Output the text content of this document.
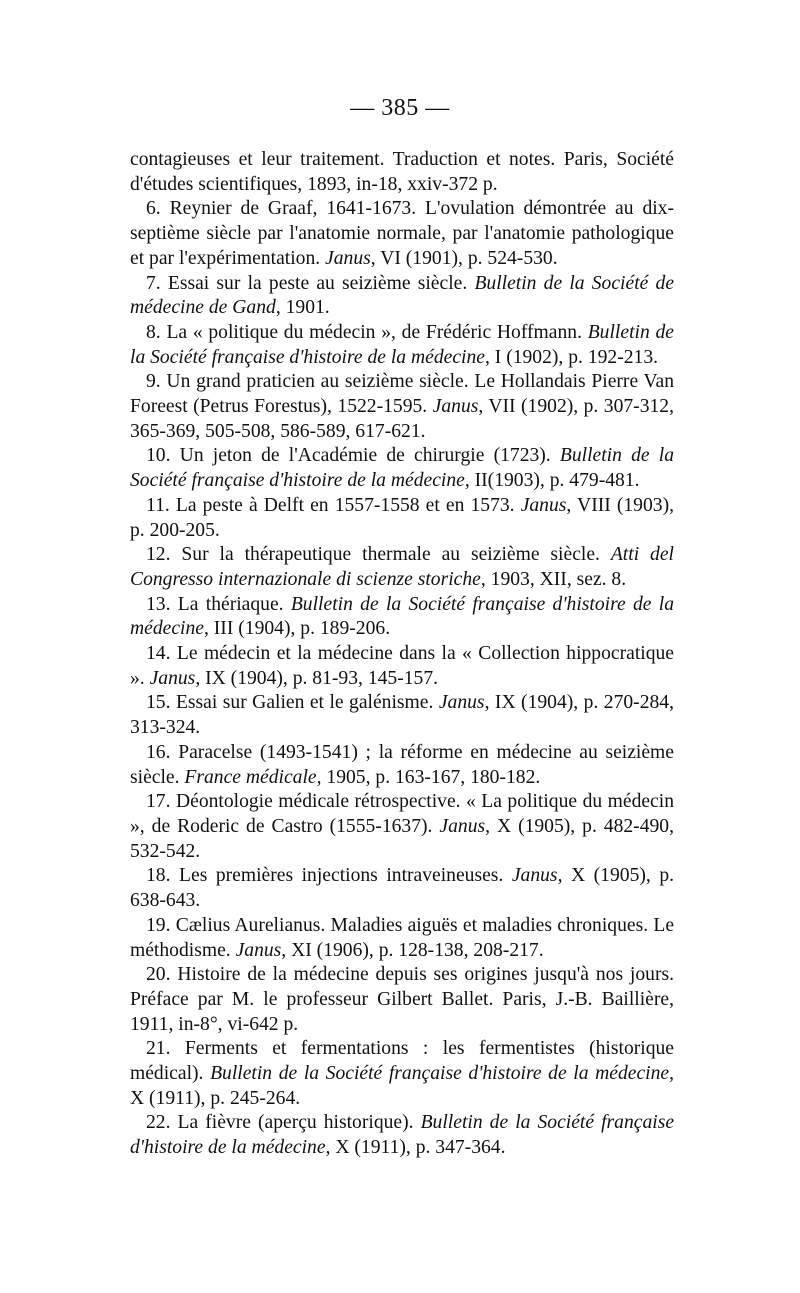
— 385 —

contagieuses et leur traitement. Traduction et notes. Paris, Société d'études scientifiques, 1893, in-18, xxiv-372 p.

6. Reynier de Graaf, 1641-1673. L'ovulation démontrée au dix-septième siècle par l'anatomie normale, par l'anatomie pathologique et par l'expérimentation. Janus, VI (1901), p. 524-530.

7. Essai sur la peste au seizième siècle. Bulletin de la Société de médecine de Gand, 1901.

8. La « politique du médecin », de Frédéric Hoffmann. Bulletin de la Société française d'histoire de la médecine, I (1902), p. 192-213.

9. Un grand praticien au seizième siècle. Le Hollandais Pierre Van Foreest (Petrus Forestus), 1522-1595. Janus, VII (1902), p. 307-312, 365-369, 505-508, 586-589, 617-621.

10. Un jeton de l'Académie de chirurgie (1723). Bulletin de la Société française d'histoire de la médecine, II(1903), p. 479-481.

11. La peste à Delft en 1557-1558 et en 1573. Janus, VIII (1903), p. 200-205.

12. Sur la thérapeutique thermale au seizième siècle. Atti del Congresso internazionale di scienze storiche, 1903, XII, sez. 8.

13. La thériaque. Bulletin de la Société française d'histoire de la médecine, III (1904), p. 189-206.

14. Le médecin et la médecine dans la « Collection hippocratique ». Janus, IX (1904), p. 81-93, 145-157.

15. Essai sur Galien et le galénisme. Janus, IX (1904), p. 270-284, 313-324.

16. Paracelse (1493-1541) ; la réforme en médecine au seizième siècle. France médicale, 1905, p. 163-167, 180-182.

17. Déontologie médicale rétrospective. « La politique du médecin », de Roderic de Castro (1555-1637). Janus, X (1905), p. 482-490, 532-542.

18. Les premières injections intraveineuses. Janus, X (1905), p. 638-643.

19. Cælius Aurelianus. Maladies aiguës et maladies chroniques. Le méthodisme. Janus, XI (1906), p. 128-138, 208-217.

20. Histoire de la médecine depuis ses origines jusqu'à nos jours. Préface par M. le professeur Gilbert Ballet. Paris, J.-B. Baillière, 1911, in-8°, vi-642 p.

21. Ferments et fermentations : les fermentistes (historique médical). Bulletin de la Société française d'histoire de la médecine, X (1911), p. 245-264.

22. La fièvre (aperçu historique). Bulletin de la Société française d'histoire de la médecine, X (1911), p. 347-364.
